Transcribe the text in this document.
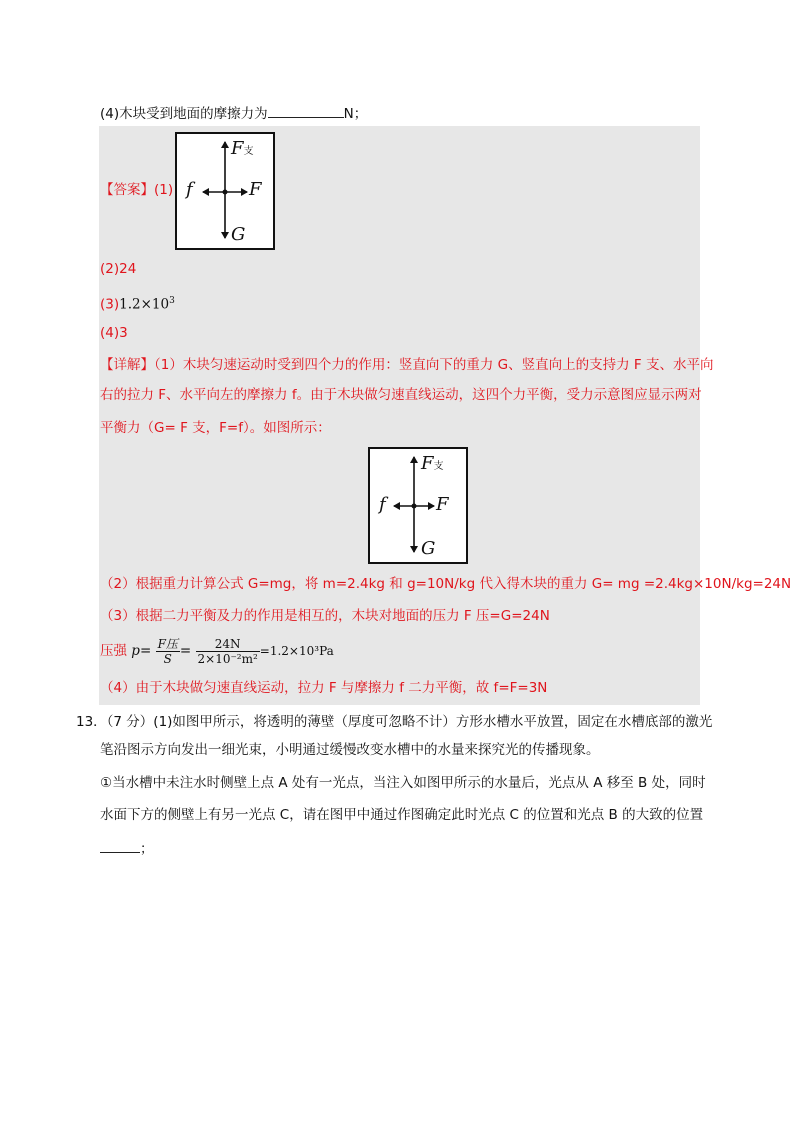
(4)木块受到地面的摩擦力为	N；
【答案】(1)
F支
f	F
G
(2)24
$(3)1.2\times 10^3$
(4)3
【详解】（1）木块匀速运动时受到四个力的作用：竖直向下的重力 G、竖直向上的支持力 F 支、水平向
右的拉力 F、水平向左的摩擦力 f。由于木块做匀速直线运动，这四个力平衡，受力示意图应显示两对
平衡力（G= F 支，F=f）。如图所示：
F支
f	F
G
（2）根据重力计算公式 G=mg，将 m=2.4kg 和 g=10N/kg 代入得木块的重力 G= mg =2.4kg×10N/kg=24N
（3）根据二力平衡及力的作用是相互的，木块对地面的压力 F 压=G=24N
压强 $p= \frac{\text{F压}}{S} = \frac{24N}{\text{2×10⁻²m²}} =1.2\times 10^3Pa$
（4）由于木块做匀速直线运动，拉力 F 与摩擦力 f 二力平衡，故 f=F=3N
13．（7 分）(1)如图甲所示，将透明的薄壁（厚度可忽略不计）方形水槽水平放置，固定在水槽底部的激光
笔沿图示方向发出一细光束，小明通过缓慢改变水槽中的水量来探究光的传播现象。
①当水槽中未注水时侧壁上点 A 处有一光点，当注入如图甲所示的水量后，光点从 A 移至 B 处，同时
水面下方的侧壁上有另一光点 C，请在图甲中通过作图确定此时光点 C 的位置和光点 B 的大致的位置
；
